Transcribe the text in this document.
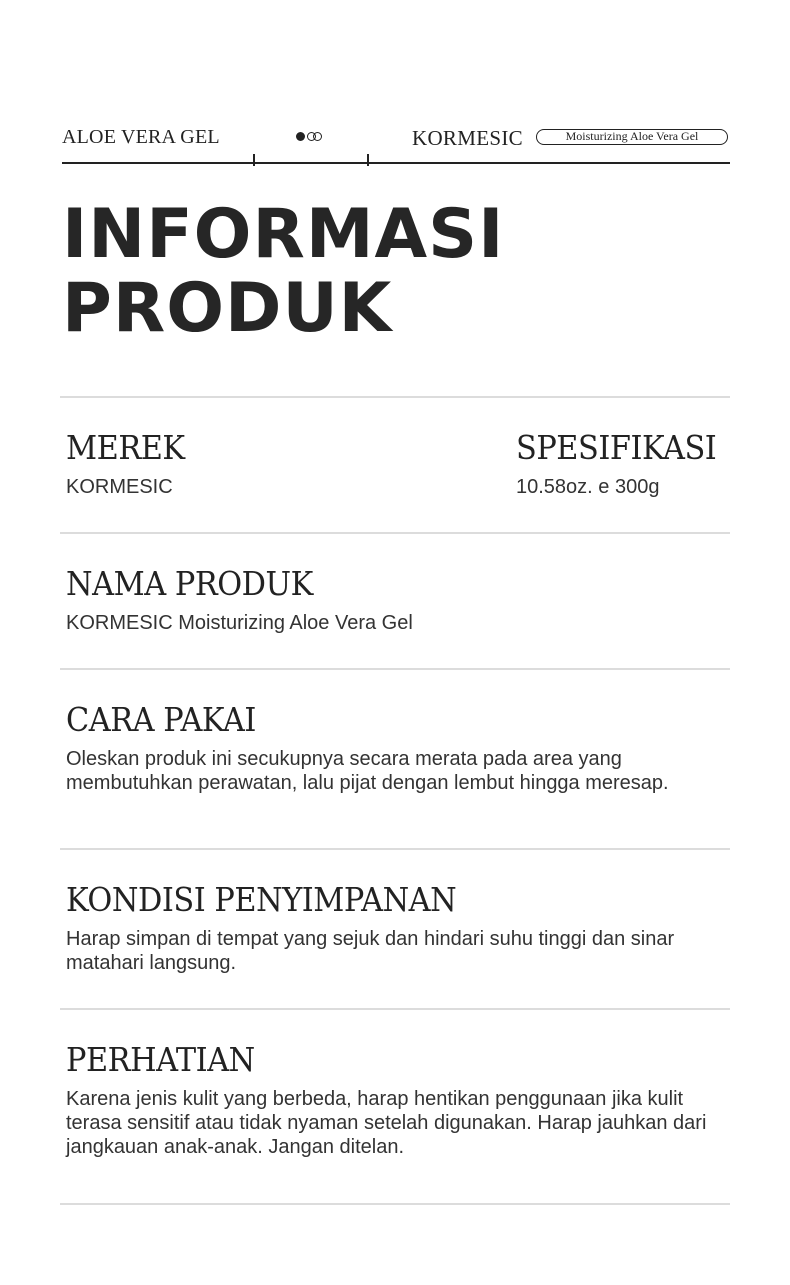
ALOE VERA GEL	KORMESIC	Moisturizing Aloe Vera Gel
INFORMASI
PRODUK
MEREK
KORMESIC
SPESIFIKASI
10.58oz. e 300g
NAMA PRODUK
KORMESIC Moisturizing Aloe Vera Gel
CARA PAKAI
Oleskan produk ini secukupnya secara merata pada area yang membutuhkan perawatan, lalu pijat dengan lembut hingga meresap.
KONDISI PENYIMPANAN
Harap simpan di tempat yang sejuk dan hindari suhu tinggi dan sinar matahari langsung.
PERHATIAN
Karena jenis kulit yang berbeda, harap hentikan penggunaan jika kulit terasa sensitif atau tidak nyaman setelah digunakan. Harap jauhkan dari jangkauan anak-anak. Jangan ditelan.
